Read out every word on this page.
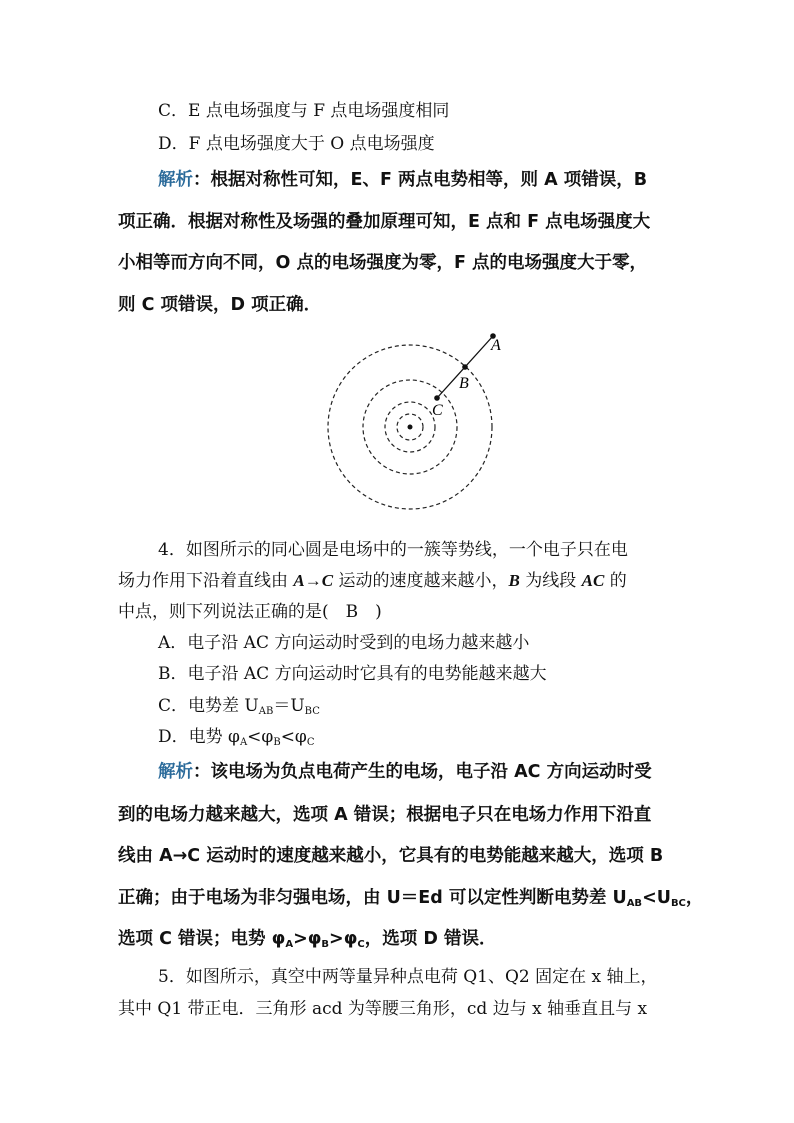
C．E 点电场强度与 F 点电场强度相同
D．F 点电场强度大于 O 点电场强度
解析：根据对称性可知，E、F 两点电势相等，则 A 项错误，B
项正确．根据对称性及场强的叠加原理可知，E 点和 F 点电场强度大
小相等而方向不同，O 点的电场强度为零，F 点的电场强度大于零，
则 C 项错误，D 项正确．
A
B
C
4．如图所示的同心圆是电场中的一簇等势线，一个电子只在电
场力作用下沿着直线由 A→C 运动的速度越来越小，B 为线段 AC 的
中点，则下列说法正确的是(　B　)
A．电子沿 AC 方向运动时受到的电场力越来越小
B．电子沿 AC 方向运动时它具有的电势能越来越大
C．电势差 $U_{AB}=U_{BC}$
D．电势 $\varphi_A<\varphi_B<\varphi_C$
解析：该电场为负点电荷产生的电场，电子沿 AC 方向运动时受
到的电场力越来越大，选项 A 错误；根据电子只在电场力作用下沿直
线由 A→C 运动时的速度越来越小，它具有的电势能越来越大，选项 B
正确；由于电场为非匀强电场，由 U＝Ed 可以定性判断电势差 $U_{AB}<U_{BC}$，
选项 C 错误；电势 $\varphi_A>\varphi_B>\varphi_C$，选项 D 错误．
5．如图所示，真空中两等量异种点电荷 Q1、Q2 固定在 x 轴上，
其中 Q1 带正电．三角形 acd 为等腰三角形，cd 边与 x 轴垂直且与 x
